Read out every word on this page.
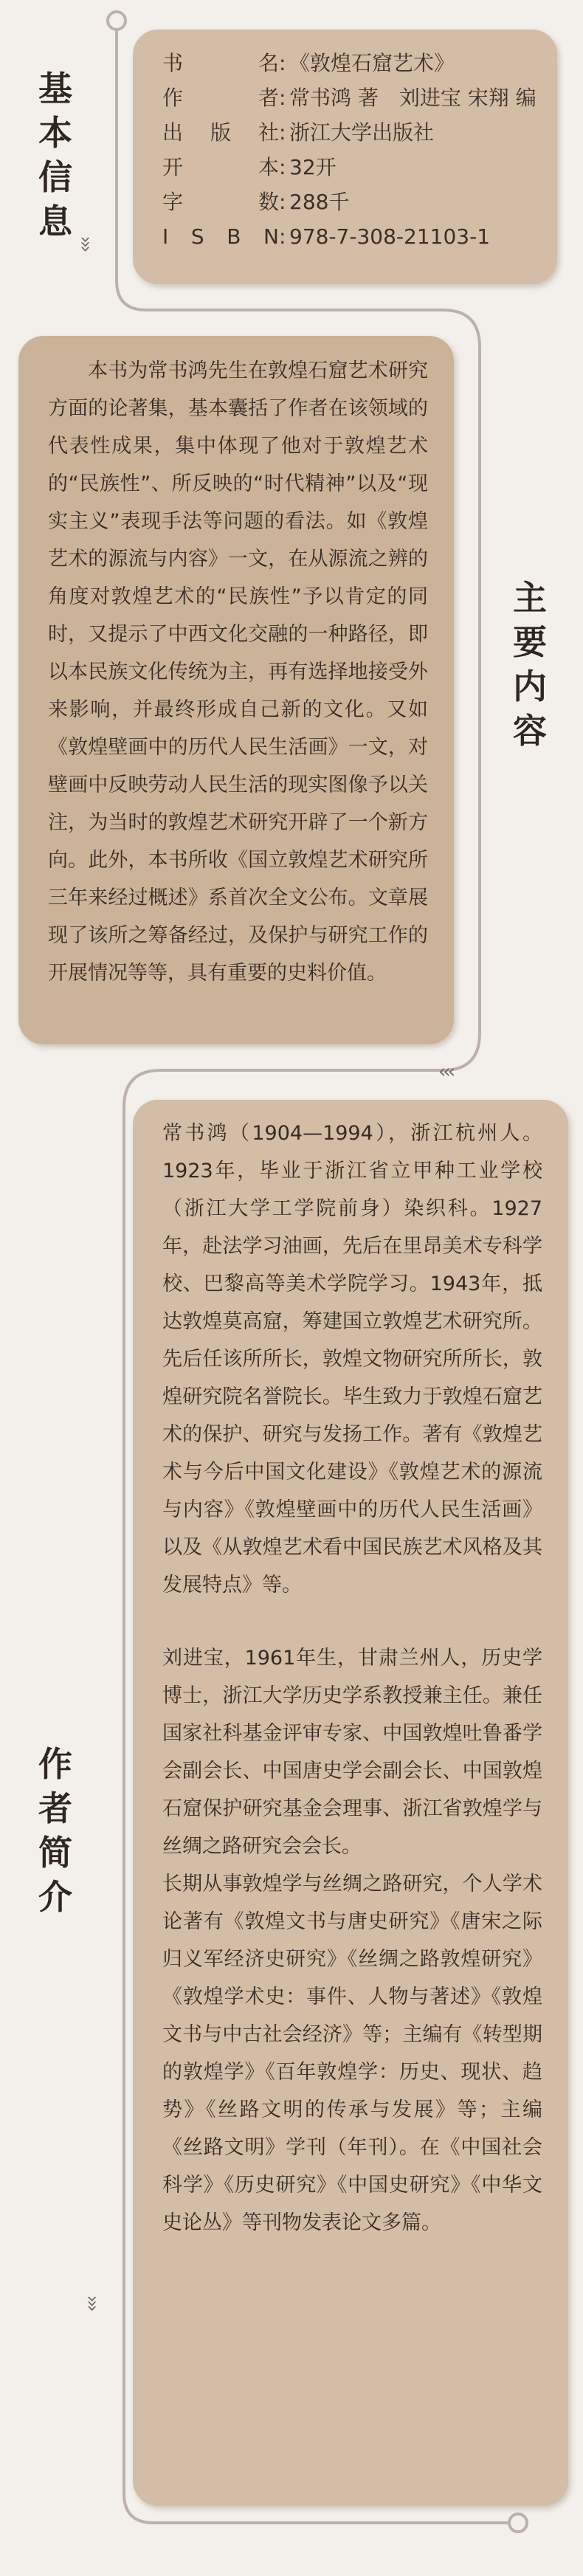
基
本
信
息
›››
书　　名 : 《敦煌石窟艺术》
作　　者 : 常书鸿 著　刘进宝 宋翔 编
出 版 社 : 浙江大学出版社
开　　本 : 32开
字　　数 : 288千
I S B N : 978-7-308-21103-1

本书为常书鸿先生在敦煌石窟艺术研究方面的论著集，基本囊括了作者在该领域的代表性成果，集中体现了他对于敦煌艺术的“民族性”、所反映的“时代精神”以及“现实主义”表现手法等问题的看法。如《敦煌艺术的源流与内容》一文，在从源流之辨的角度对敦煌艺术的“民族性”予以肯定的同时，又提示了中西文化交融的一种路径，即以本民族文化传统为主，再有选择地接受外来影响，并最终形成自己新的文化。又如《敦煌壁画中的历代人民生活画》一文，对壁画中反映劳动人民生活的现实图像予以关注，为当时的敦煌艺术研究开辟了一个新方向。此外，本书所收《国立敦煌艺术研究所三年来经过概述》系首次全文公布。文章展现了该所之筹备经过，及保护与研究工作的开展情况等等，具有重要的史料价值。

主
要
内
容
›››
作
者
简
介
›››

常书鸿（1904—1994），浙江杭州人。1923年，毕业于浙江省立甲种工业学校（浙江大学工学院前身）染织科。1927年，赴法学习油画，先后在里昂美术专科学校、巴黎高等美术学院学习。1943年，抵达敦煌莫高窟，筹建国立敦煌艺术研究所。先后任该所所长，敦煌文物研究所所长，敦煌研究院名誉院长。毕生致力于敦煌石窟艺术的保护、研究与发扬工作。著有《敦煌艺术与今后中国文化建设》《敦煌艺术的源流与内容》《敦煌壁画中的历代人民生活画》以及《从敦煌艺术看中国民族艺术风格及其发展特点》等。

刘进宝，1961年生，甘肃兰州人，历史学博士，浙江大学历史学系教授兼主任。兼任国家社科基金评审专家、中国敦煌吐鲁番学会副会长、中国唐史学会副会长、中国敦煌石窟保护研究基金会理事、浙江省敦煌学与丝绸之路研究会会长。

长期从事敦煌学与丝绸之路研究，个人学术论著有《敦煌文书与唐史研究》《唐宋之际归义军经济史研究》《丝绸之路敦煌研究》《敦煌学术史：事件、人物与著述》《敦煌文书与中古社会经济》等；主编有《转型期的敦煌学》《百年敦煌学：历史、现状、趋势》《丝路文明的传承与发展》等；主编《丝路文明》学刊（年刊）。在《中国社会科学》《历史研究》《中国史研究》《中华文史论丛》等刊物发表论文多篇。
